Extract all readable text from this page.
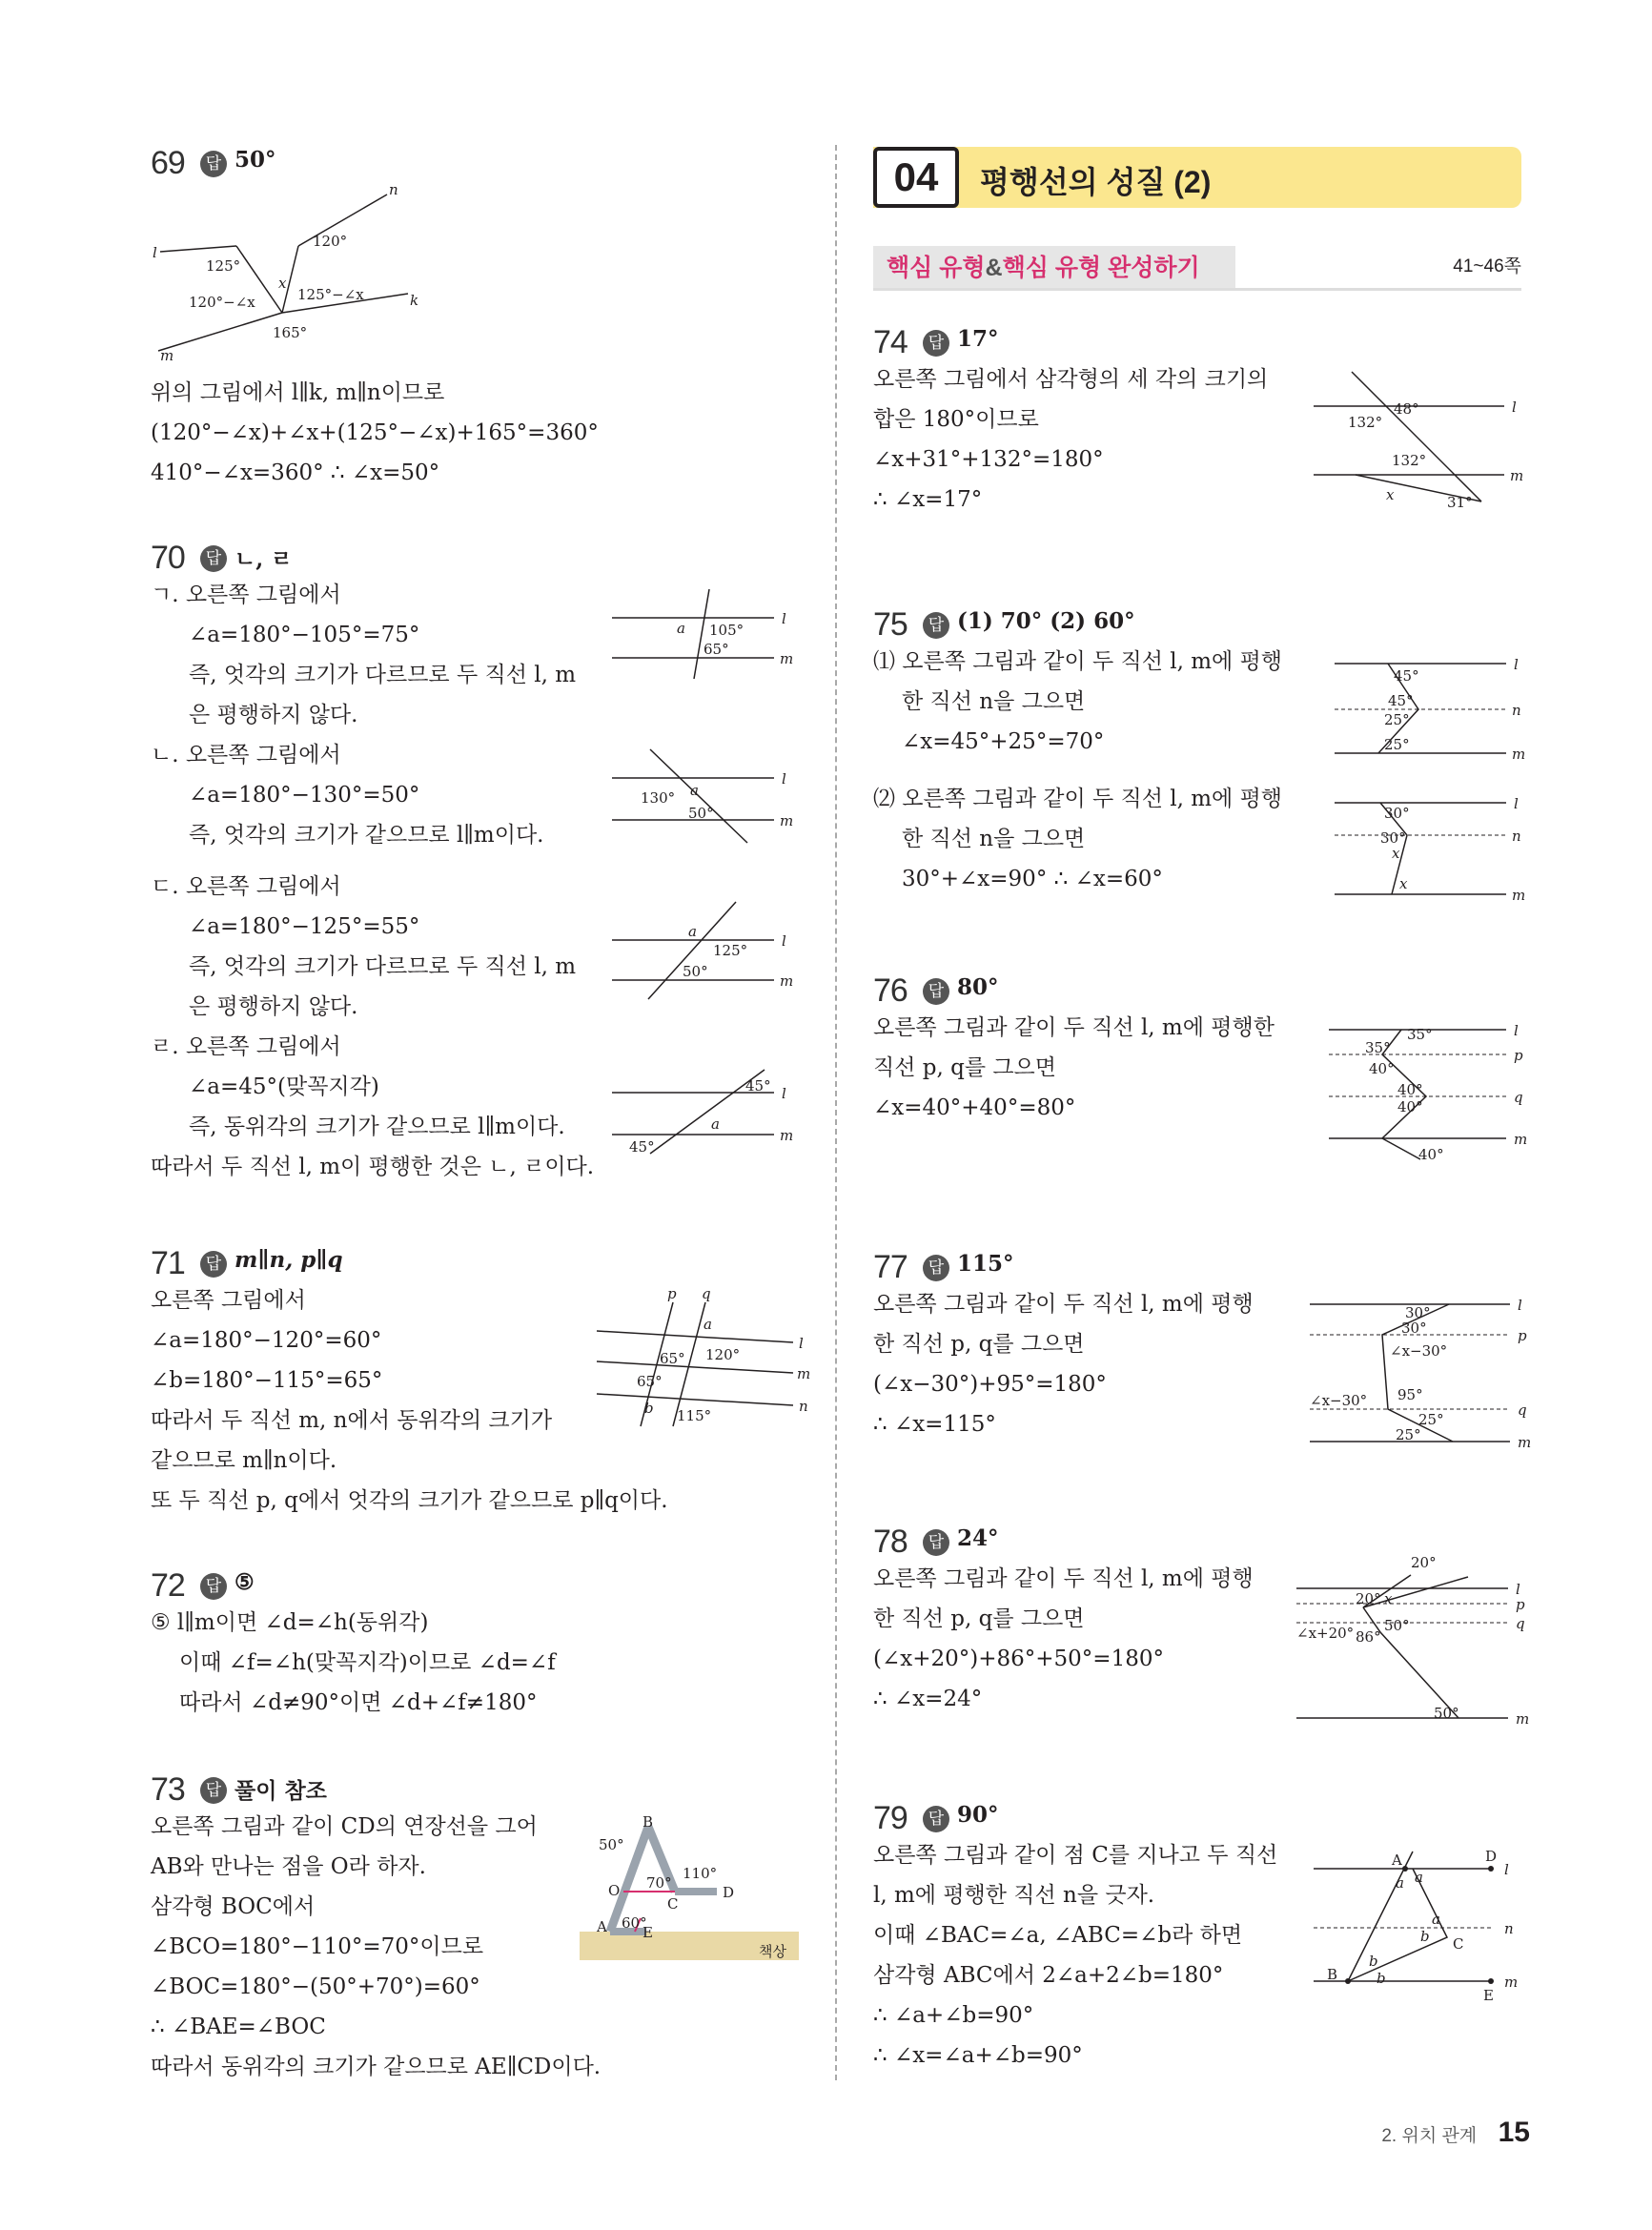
69	답 50°
l
n
k
m
120°
125°
120°−∠x
x
125°−∠x
165°
위의 그림에서 l∥k, m∥n이므로
(120°−∠x)+∠x+(125°−∠x)+165°=360°
410°−∠x=360° ∴ ∠x=50°
70	답 ㄴ, ㄹ
ㄱ. 오른쪽 그림에서
∠a=180°−105°=75°
즉, 엇각의 크기가 다르므로 두 직선 l, m
은 평행하지 않다.
ㄴ. 오른쪽 그림에서
∠a=180°−130°=50°
즉, 엇각의 크기가 같으므로 l∥m이다.
ㄷ. 오른쪽 그림에서
∠a=180°−125°=55°
즉, 엇각의 크기가 다르므로 두 직선 l, m
은 평행하지 않다.
ㄹ. 오른쪽 그림에서
∠a=45°(맞꼭지각)
즉, 동위각의 크기가 같으므로 l∥m이다.
따라서 두 직선 l, m이 평행한 것은 ㄴ, ㄹ이다.
a 105°
65°
l
m
130° a
50°
l
m
a
125°
50°
l
m
45°
a
45°
l
m
71	답 m∥n, p∥q
오른쪽 그림에서
∠a=180°−120°=60°
∠b=180°−115°=65°
따라서 두 직선 m, n에서 동위각의 크기가
같으므로 m∥n이다.
또 두 직선 p, q에서 엇각의 크기가 같으므로 p∥q이다.
p q
a
120°
65°
65°
b 115°
l
m
n
72	답 ⑤
⑤ l∥m이면 ∠d=∠h(동위각)
이때 ∠f=∠h(맞꼭지각)이므로 ∠d=∠f
따라서 ∠d≠90°이면 ∠d+∠f≠180°
73	답 풀이 참조
오른쪽 그림과 같이 CD의 연장선을 그어
AB와 만나는 점을 O라 하자.
삼각형 BOC에서
∠BCO=180°−110°=70°이므로
∠BOC=180°−(50°+70°)=60°
∴ ∠BAE=∠BOC
따라서 동위각의 크기가 같으므로 AE∥CD이다.
B
50°
O 70°
110°
C
D
A 60°
E
책상
04	평행선의 성질 (2)
핵심 유형&핵심 유형 완성하기	41~46쪽
74	답 17°
오른쪽 그림에서 삼각형의 세 각의 크기의
합은 180°이므로
∠x+31°+132°=180°
∴ ∠x=17°
132°
48°	l
132°
m
x	31°
75	답 (1) 70° (2) 60°
⑴ 오른쪽 그림과 같이 두 직선 l, m에 평행
한 직선 n을 그으면
∠x=45°+25°=70°
⑵ 오른쪽 그림과 같이 두 직선 l, m에 평행
한 직선 n을 그으면
30°+∠x=90° ∴ ∠x=60°
45°
l
45°
n
25°
25°
m
30°
l
30°	n
x
x
m
76	답 80°
오른쪽 그림과 같이 두 직선 l, m에 평행한
직선 p, q를 그으면
∠x=40°+40°=80°
35°	l
35°	p
40°
40°	q
40°
40°
m
77	답 115°
오른쪽 그림과 같이 두 직선 l, m에 평행
한 직선 p, q를 그으면
(∠x−30°)+95°=180°
∴ ∠x=115°
30°	l
30°	p
∠x−30°
∠x−30° 95°
q
25°
25°	m
78	답 24°
오른쪽 그림과 같이 두 직선 l, m에 평행
한 직선 p, q를 그으면
(∠x+20°)+86°+50°=180°
∴ ∠x=24°
20°
l
20° x	p
q
∠x+20° 86°
50°
50°	m
79	답 90°
오른쪽 그림과 같이 점 C를 지나고 두 직선
l, m에 평행한 직선 n을 긋자.
이때 ∠BAC=∠a, ∠ABC=∠b라 하면
삼각형 ABC에서 2∠a+2∠b=180°
∴ ∠a+∠b=90°
∴ ∠x=∠a+∠b=90°
A	D
l
a a
n
a
b C
b
b
B
E
m
2. 위치 관계 15
